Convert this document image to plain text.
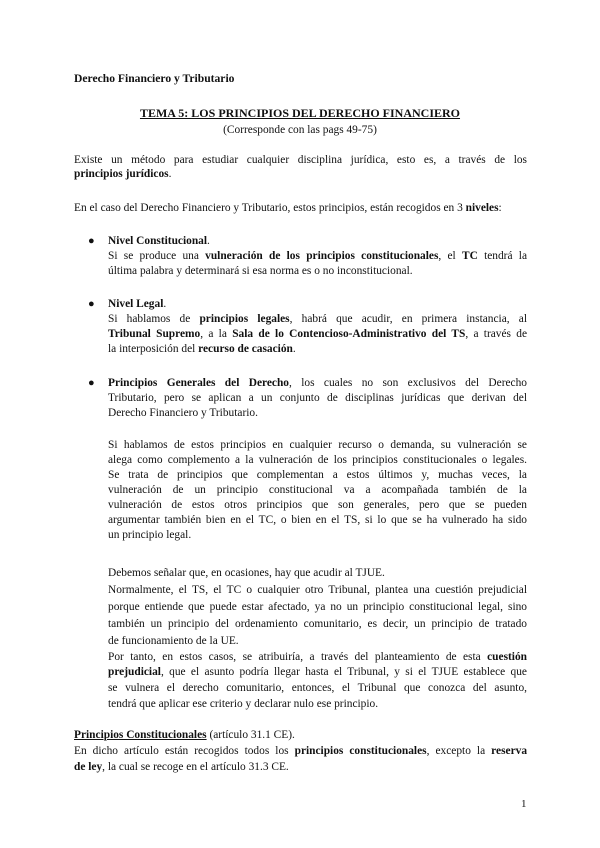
Derecho Financiero y Tributario

TEMA 5: LOS PRINCIPIOS DEL DERECHO FINANCIERO

(Corresponde con las pags 49-75)

Existe un método para estudiar cualquier disciplina jurídica, esto es, a través de los

principios jurídicos.

En el caso del Derecho Financiero y Tributario, estos principios, están recogidos en 3 niveles:

● Nivel Constitucional.

Si se produce una vulneración de los principios constitucionales, el TC tendrá la

última palabra y determinará si esa norma es o no inconstitucional.

● Nivel Legal.

Si hablamos de principios legales, habrá que acudir, en primera instancia, al

Tribunal Supremo, a la Sala de lo Contencioso-Administrativo del TS, a través de

la interposición del recurso de casación.

● Principios Generales del Derecho, los cuales no son exclusivos del Derecho

Tributario, pero se aplican a un conjunto de disciplinas jurídicas que derivan del

Derecho Financiero y Tributario.

Si hablamos de estos principios en cualquier recurso o demanda, su vulneración se

alega como complemento a la vulneración de los principios constitucionales o legales.

Se trata de principios que complementan a estos últimos y, muchas veces, la

vulneración de un principio constitucional va a acompañada también de la

vulneración de estos otros principios que son generales, pero que se pueden

argumentar también bien en el TC, o bien en el TS, si lo que se ha vulnerado ha sido

un principio legal.

Debemos señalar que, en ocasiones, hay que acudir al TJUE.

Normalmente, el TS, el TC o cualquier otro Tribunal, plantea una cuestión prejudicial

porque entiende que puede estar afectado, ya no un principio constitucional legal, sino

también un principio del ordenamiento comunitario, es decir, un principio de tratado

de funcionamiento de la UE.

Por tanto, en estos casos, se atribuiría, a través del planteamiento de esta cuestión

prejudicial, que el asunto podría llegar hasta el Tribunal, y si el TJUE establece que

se vulnera el derecho comunitario, entonces, el Tribunal que conozca del asunto,

tendrá que aplicar ese criterio y declarar nulo ese principio.

Principios Constitucionales (artículo 31.1 CE).

En dicho artículo están recogidos todos los principios constitucionales, excepto la reserva

de ley, la cual se recoge en el artículo 31.3 CE.

1
